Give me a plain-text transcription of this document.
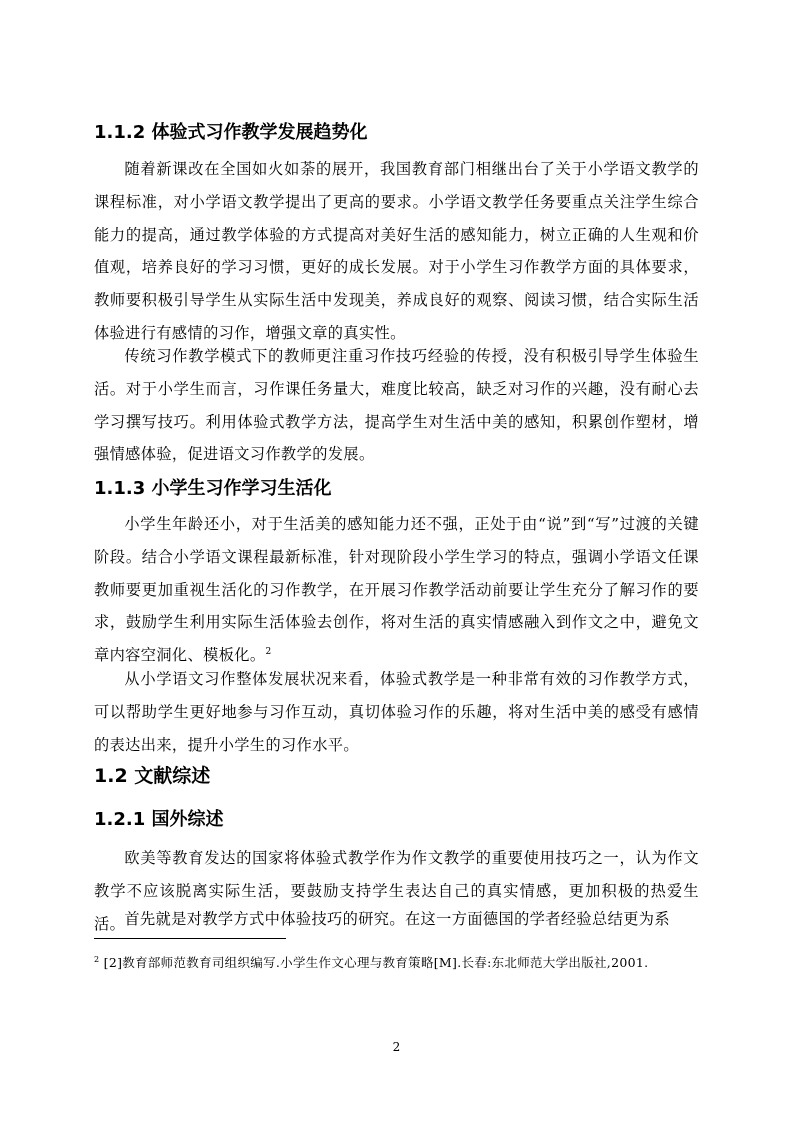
1.1.2 体验式习作教学发展趋势化

随着新课改在全国如火如荼的展开，我国教育部门相继出台了关于小学语文教学的课程标准，对小学语文教学提出了更高的要求。小学语文教学任务要重点关注学生综合能力的提高，通过教学体验的方式提高对美好生活的感知能力，树立正确的人生观和价值观，培养良好的学习习惯，更好的成长发展。对于小学生习作教学方面的具体要求，教师要积极引导学生从实际生活中发现美，养成良好的观察、阅读习惯，结合实际生活体验进行有感情的习作，增强文章的真实性。

传统习作教学模式下的教师更注重习作技巧经验的传授，没有积极引导学生体验生活。对于小学生而言，习作课任务量大，难度比较高，缺乏对习作的兴趣，没有耐心去学习撰写技巧。利用体验式教学方法，提高学生对生活中美的感知，积累创作塑材，增强情感体验，促进语文习作教学的发展。

1.1.3 小学生习作学习生活化

小学生年龄还小，对于生活美的感知能力还不强，正处于由“说”到“写”过渡的关键阶段。结合小学语文课程最新标准，针对现阶段小学生学习的特点，强调小学语文任课教师要更加重视生活化的习作教学，在开展习作教学活动前要让学生充分了解习作的要求，鼓励学生利用实际生活体验去创作，将对生活的真实情感融入到作文之中，避免文章内容空洞化、模板化。$^2$

从小学语文习作整体发展状况来看，体验式教学是一种非常有效的习作教学方式，可以帮助学生更好地参与习作互动，真切体验习作的乐趣，将对生活中美的感受有感情的表达出来，提升小学生的习作水平。

1.2 文献综述
1.2.1 国外综述

欧美等教育发达的国家将体验式教学作为作文教学的重要使用技巧之一，认为作文教学不应该脱离实际生活，要鼓励支持学生表达自己的真实情感，更加积极的热爱生活。 首先就是对教学方式中体验技巧的研究。在这一方面德国的学者经验总结更为系

$^2$ [2]教育部师范教育司组织编写.小学生作文心理与教育策略[M].长春:东北师范大学出版社,2001.

2
